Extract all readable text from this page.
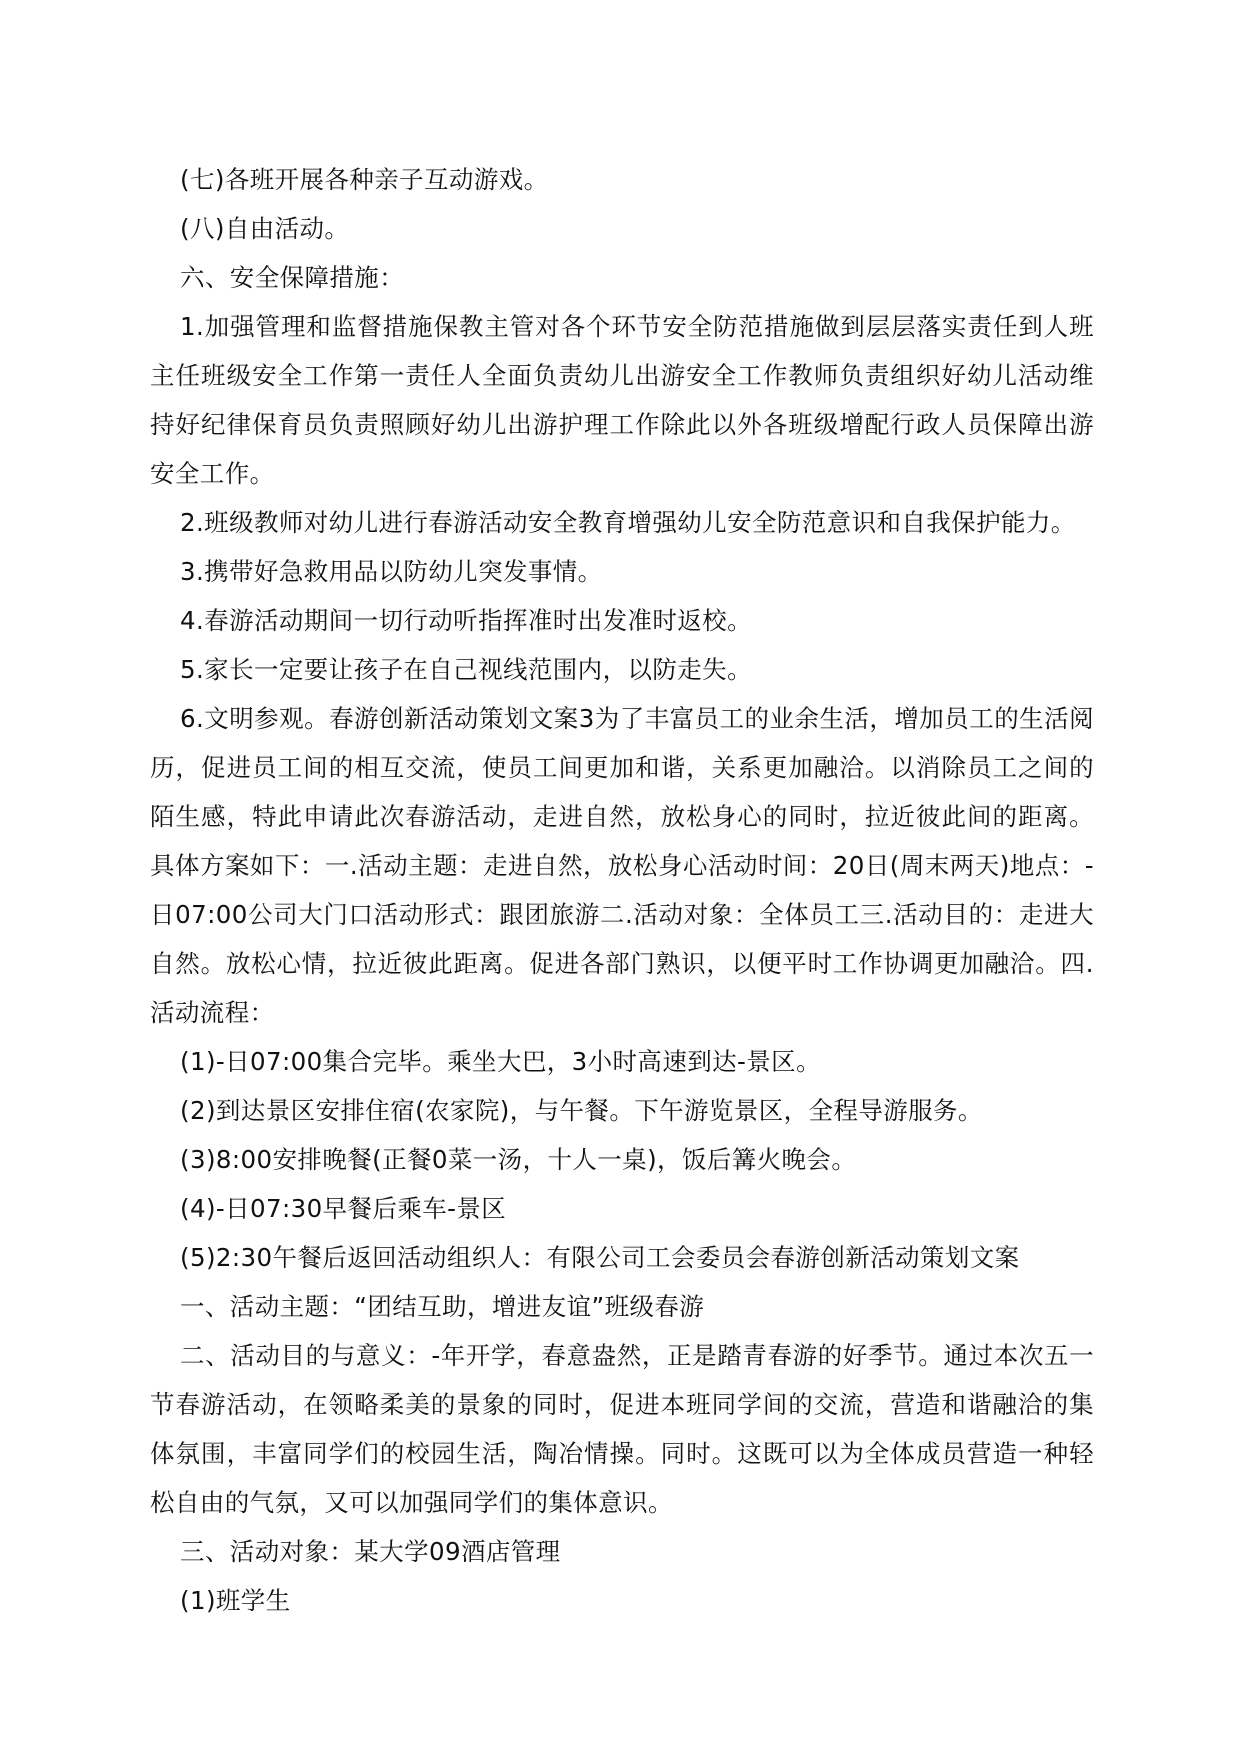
(七)各班开展各种亲子互动游戏。

(八)自由活动。

六、安全保障措施：

1.加强管理和监督措施保教主管对各个环节安全防范措施做到层层落实责任到人班主任班级安全工作第一责任人全面负责幼儿出游安全工作教师负责组织好幼儿活动维持好纪律保育员负责照顾好幼儿出游护理工作除此以外各班级增配行政人员保障出游安全工作。

2.班级教师对幼儿进行春游活动安全教育增强幼儿安全防范意识和自我保护能力。

3.携带好急救用品以防幼儿突发事情。

4.春游活动期间一切行动听指挥准时出发准时返校。

5.家长一定要让孩子在自己视线范围内，以防走失。

6.文明参观。春游创新活动策划文案3为了丰富员工的业余生活，增加员工的生活阅历，促进员工间的相互交流，使员工间更加和谐，关系更加融洽。以消除员工之间的陌生感，特此申请此次春游活动，走进自然，放松身心的同时，拉近彼此间的距离。具体方案如下：一.活动主题：走进自然，放松身心活动时间：20日(周末两天)地点：-日07:00公司大门口活动形式：跟团旅游二.活动对象：全体员工三.活动目的：走进大自然。放松心情，拉近彼此距离。促进各部门熟识，以便平时工作协调更加融洽。四.活动流程：

(1)-日07:00集合完毕。乘坐大巴，3小时高速到达-景区。

(2)到达景区安排住宿(农家院)，与午餐。下午游览景区，全程导游服务。

(3)8:00安排晚餐(正餐0菜一汤，十人一桌)，饭后篝火晚会。

(4)-日07:30早餐后乘车-景区

(5)2:30午餐后返回活动组织人：有限公司工会委员会春游创新活动策划文案

一、活动主题：“团结互助，增进友谊”班级春游

二、活动目的与意义：-年开学，春意盎然，正是踏青春游的好季节。通过本次五一节春游活动，在领略柔美的景象的同时，促进本班同学间的交流，营造和谐融洽的集体氛围，丰富同学们的校园生活，陶冶情操。同时。这既可以为全体成员营造一种轻松自由的气氛，又可以加强同学们的集体意识。

三、活动对象：某大学09酒店管理

(1)班学生
